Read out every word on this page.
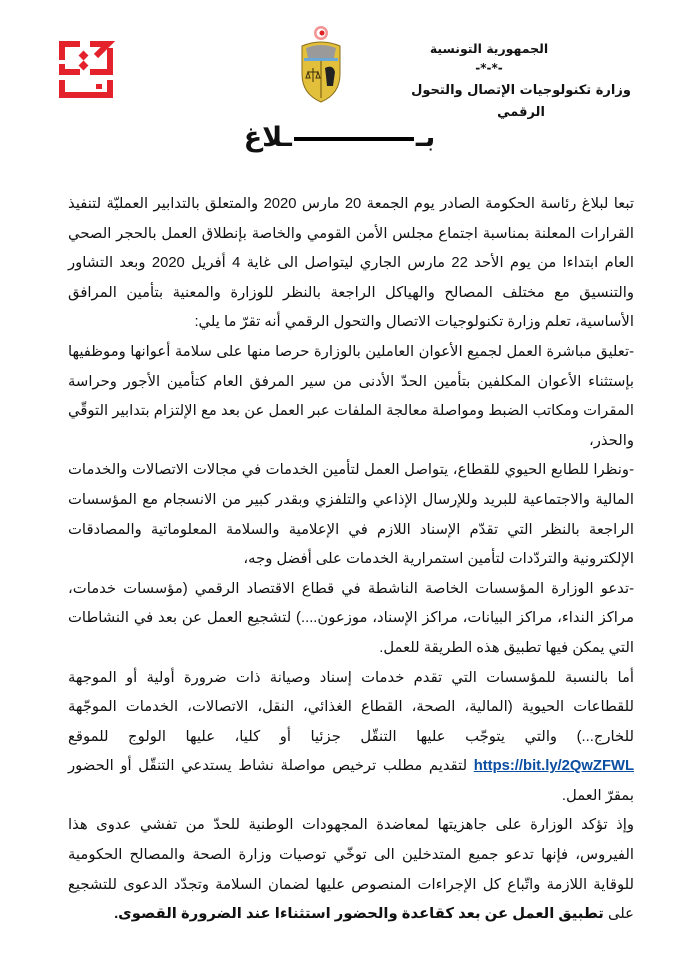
الجمهورية التونسية
-*-*-
وزارة تكنولوجيات الإتصال والتحول الرقمي
بــلاغ

تبعا لبلاغ رئاسة الحكومة الصادر يوم الجمعة 20 مارس 2020 والمتعلق بالتدابير العمليّة لتنفيذ القرارات المعلنة بمناسبة اجتماع مجلس الأمن القومي والخاصة بإنطلاق العمل بالحجر الصحي العام ابتداءا من يوم الأحد 22 مارس الجاري ليتواصل الى غاية 4 أفريل 2020 وبعد التشاور والتنسيق مع مختلف المصالح والهياكل الراجعة بالنظر للوزارة والمعنية بتأمين المرافق الأساسية، تعلم وزارة تكنولوجيات الاتصال والتحول الرقمي أنه تقرّ ما يلي:

-تعليق مباشرة العمل لجميع الأعوان العاملين بالوزارة حرصا منها على سلامة أعوانها وموظفيها بإستثناء الأعوان المكلفين بتأمين الحدّ الأدنى من سير المرفق العام كتأمين الأجور وحراسة المقرات ومكاتب الضبط ومواصلة معالجة الملفات عبر العمل عن بعد مع الإلتزام بتدابير التوقّي والحذر،

-ونظرا للطابع الحيوي للقطاع، يتواصل العمل لتأمين الخدمات في مجالات الاتصالات والخدمات المالية والاجتماعية للبريد وللإرسال الإذاعي والتلفزي وبقدر كبير من الانسجام مع المؤسسات الراجعة بالنظر التي تقدّم الإسناد اللازم في الإعلامية والسلامة المعلوماتية والمصادقات الإلكترونية والتردّدات لتأمين استمرارية الخدمات على أفضل وجه،

-تدعو الوزارة المؤسسات الخاصة الناشطة في قطاع الاقتصاد الرقمي (مؤسسات خدمات، مراكز النداء، مراكز البيانات، مراكز الإسناد، موزعون....) لتشجيع العمل عن بعد في النشاطات التي يمكن فيها تطبيق هذه الطريقة للعمل.

أما بالنسبة للمؤسسات التي تقدم خدمات إسناد وصيانة ذات ضرورة أولية أو الموجهة للقطاعات الحيوية (المالية، الصحة، القطاع الغذائي، النقل، الاتصالات، الخدمات الموجّهة للخارج...) والتي يتوجّب عليها التنقّل جزئيا أو كليا، عليها الولوج للموقع https://bit.ly/2QwZFWL لتقديم مطلب ترخيص مواصلة نشاط يستدعي التنقّل أو الحضور بمقرّ العمل.

وإذ تؤكد الوزارة على جاهزيتها لمعاضدة المجهودات الوطنية للحدّ من تفشي عدوى هذا الفيروس، فإنها تدعو جميع المتدخلين الى توخّي توصيات وزارة الصحة والمصالح الحكومية للوقاية اللازمة واتّباع كل الإجراءات المنصوص عليها لضمان السلامة وتجدّد الدعوى للتشجيع على تطبيق العمل عن بعد كقاعدة والحضور استثناءا عند الضرورة القصوى.
